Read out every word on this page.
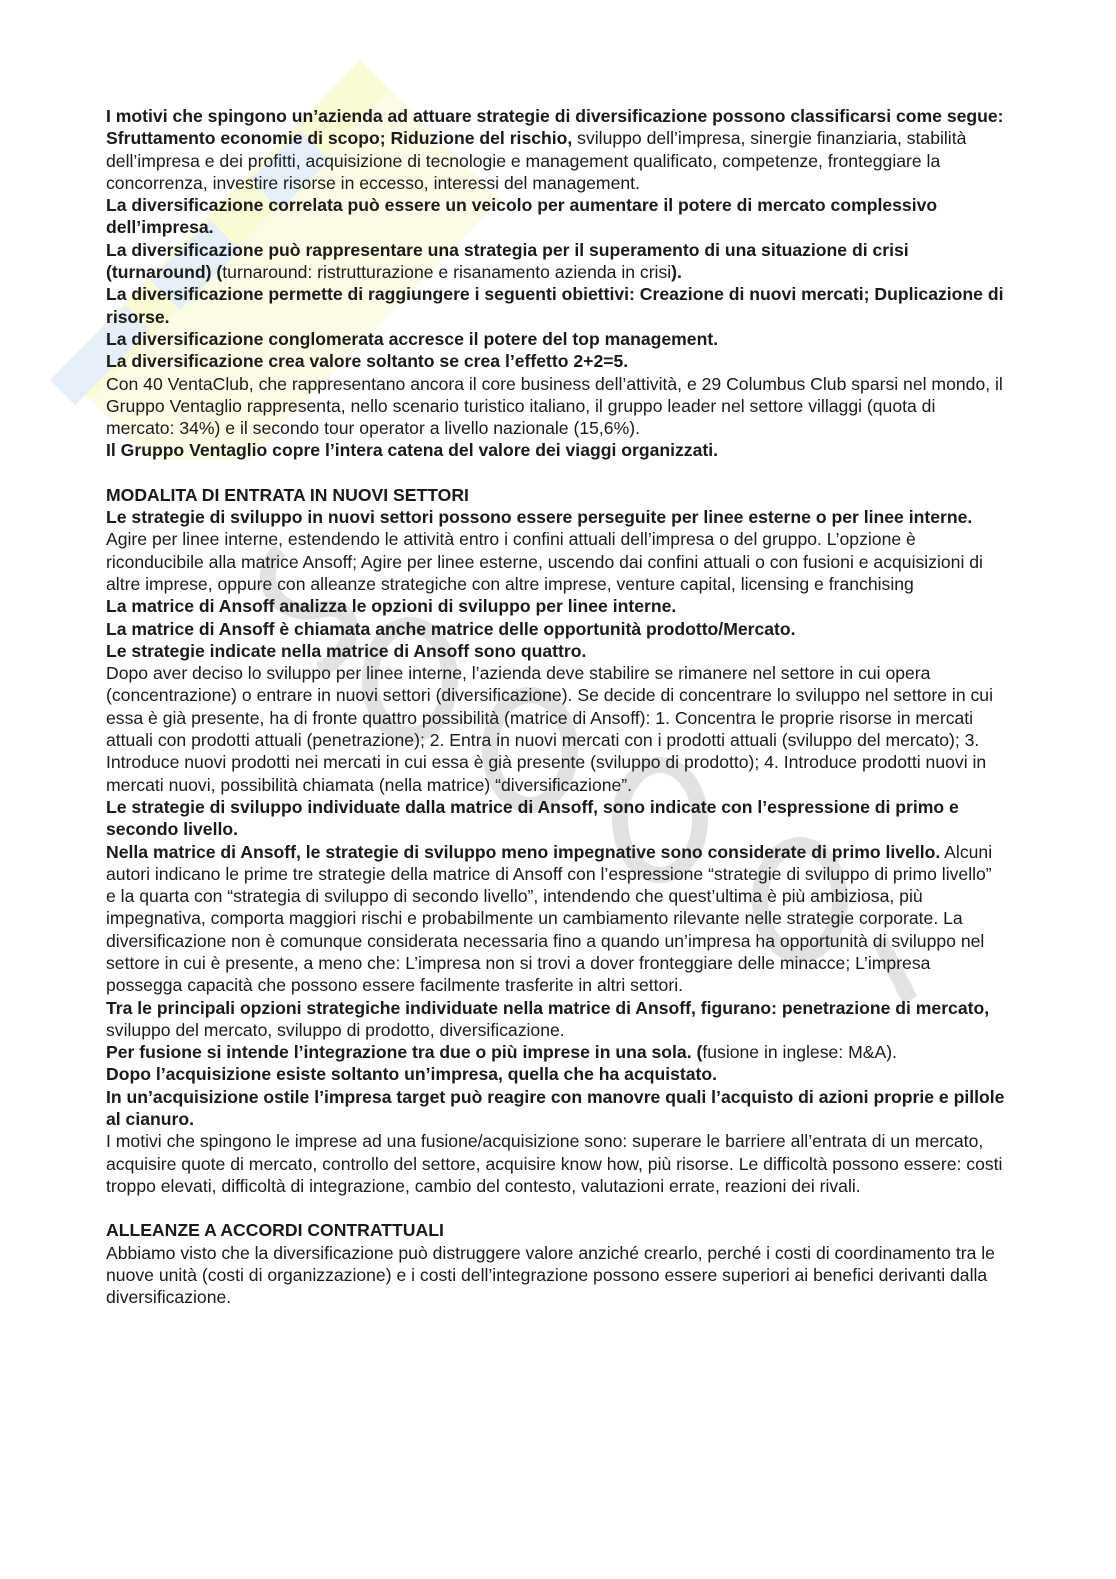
I motivi che spingono un’azienda ad attuare strategie di diversificazione possono classificarsi come segue: Sfruttamento economie di scopo; Riduzione del rischio, sviluppo dell’impresa, sinergie finanziaria, stabilità dell’impresa e dei profitti, acquisizione di tecnologie e management qualificato, competenze, fronteggiare la concorrenza, investire risorse in eccesso, interessi del management.

La diversificazione correlata può essere un veicolo per aumentare il potere di mercato complessivo dell’impresa.

La diversificazione può rappresentare una strategia per il superamento di una situazione di crisi (turnaround) (turnaround: ristrutturazione e risanamento azienda in crisi).

La diversificazione permette di raggiungere i seguenti obiettivi: Creazione di nuovi mercati; Duplicazione di risorse.

La diversificazione conglomerata accresce il potere del top management.

La diversificazione crea valore soltanto se crea l’effetto 2+2=5.

Con 40 VentaClub, che rappresentano ancora il core business dell’attività, e 29 Columbus Club sparsi nel mondo, il Gruppo Ventaglio rappresenta, nello scenario turistico italiano, il gruppo leader nel settore villaggi (quota di mercato: 34%) e il secondo tour operator a livello nazionale (15,6%).

Il Gruppo Ventaglio copre l’intera catena del valore dei viaggi organizzati.

MODALITA DI ENTRATA IN NUOVI SETTORI

Le strategie di sviluppo in nuovi settori possono essere perseguite per linee esterne o per linee interne. Agire per linee interne, estendendo le attività entro i confini attuali dell’impresa o del gruppo. L’opzione è riconducibile alla matrice Ansoff; Agire per linee esterne, uscendo dai confini attuali o con fusioni e acquisizioni di altre imprese, oppure con alleanze strategiche con altre imprese, venture capital, licensing e franchising

La matrice di Ansoff analizza le opzioni di sviluppo per linee interne.

La matrice di Ansoff è chiamata anche matrice delle opportunità prodotto/Mercato.

Le strategie indicate nella matrice di Ansoff sono quattro.

Dopo aver deciso lo sviluppo per linee interne, l’azienda deve stabilire se rimanere nel settore in cui opera (concentrazione) o entrare in nuovi settori (diversificazione). Se decide di concentrare lo sviluppo nel settore in cui essa è già presente, ha di fronte quattro possibilità (matrice di Ansoff): 1. Concentra le proprie risorse in mercati attuali con prodotti attuali (penetrazione); 2. Entra in nuovi mercati con i prodotti attuali (sviluppo del mercato); 3. Introduce nuovi prodotti nei mercati in cui essa è già presente (sviluppo di prodotto); 4. Introduce prodotti nuovi in mercati nuovi, possibilità chiamata (nella matrice) “diversificazione”.

Le strategie di sviluppo individuate dalla matrice di Ansoff, sono indicate con l’espressione di primo e secondo livello.

Nella matrice di Ansoff, le strategie di sviluppo meno impegnative sono considerate di primo livello. Alcuni autori indicano le prime tre strategie della matrice di Ansoff con l’espressione “strategie di sviluppo di primo livello” e la quarta con “strategia di sviluppo di secondo livello”, intendendo che quest’ultima è più ambiziosa, più impegnativa, comporta maggiori rischi e probabilmente un cambiamento rilevante nelle strategie corporate. La diversificazione non è comunque considerata necessaria fino a quando un’impresa ha opportunità di sviluppo nel settore in cui è presente, a meno che: L’impresa non si trovi a dover fronteggiare delle minacce; L’impresa possegga capacità che possono essere facilmente trasferite in altri settori.

Tra le principali opzioni strategiche individuate nella matrice di Ansoff, figurano: penetrazione di mercato, sviluppo del mercato, sviluppo di prodotto, diversificazione.

Per fusione si intende l’integrazione tra due o più imprese in una sola. (fusione in inglese: M&A).

Dopo l’acquisizione esiste soltanto un’impresa, quella che ha acquistato.

In un’acquisizione ostile l’impresa target può reagire con manovre quali l’acquisto di azioni proprie e pillole al cianuro.

I motivi che spingono le imprese ad una fusione/acquisizione sono: superare le barriere all’entrata di un mercato, acquisire quote di mercato, controllo del settore, acquisire know how, più risorse. Le difficoltà possono essere: costi troppo elevati, difficoltà di integrazione, cambio del contesto, valutazioni errate, reazioni dei rivali.

ALLEANZE A ACCORDI CONTRATTUALI

Abbiamo visto che la diversificazione può distruggere valore anziché crearlo, perché i costi di coordinamento tra le nuove unità (costi di organizzazione) e i costi dell’integrazione possono essere superiori ai benefici derivanti dalla diversificazione.
